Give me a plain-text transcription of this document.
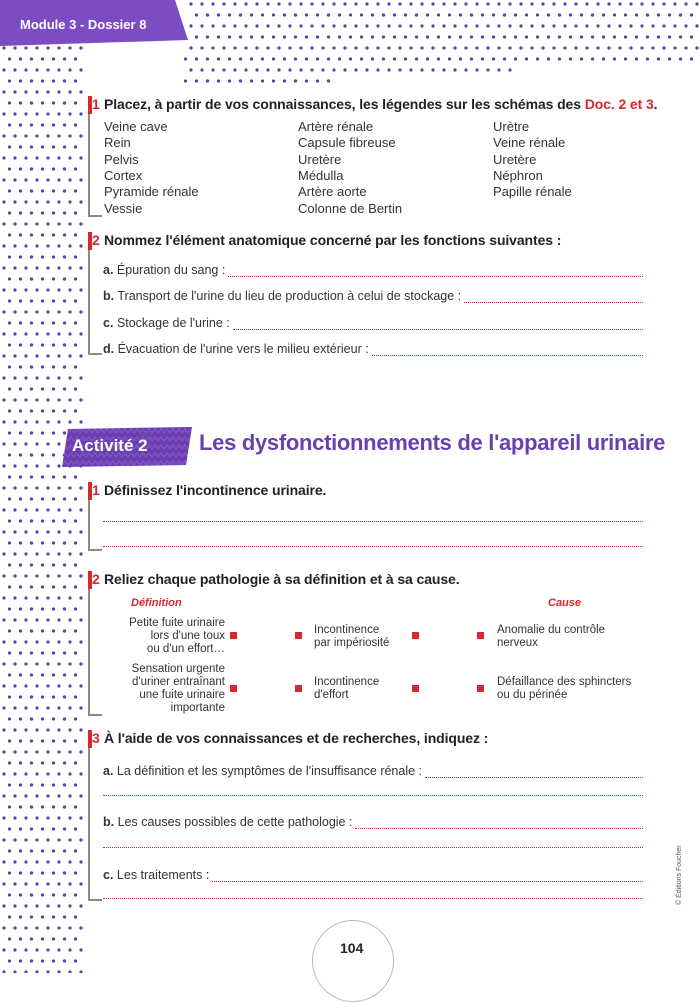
Module 3 - Dossier 8
1 Placez, à partir de vos connaissances, les légendes sur les schémas des Doc. 2 et 3.
Veine cave
Rein
Pelvis
Cortex
Pyramide rénale
Vessie
Artère rénale
Capsule fibreuse
Uretère
Médulla
Artère aorte
Colonne de Bertin
Urètre
Veine rénale
Uretère
Néphron
Papille rénale
2 Nommez l'élément anatomique concerné par les fonctions suivantes :
a. Épuration du sang :
b. Transport de l'urine du lieu de production à celui de stockage :
c. Stockage de l'urine :
d. Évacuation de l'urine vers le milieu extérieur :
Activité 2 Les dysfonctionnements de l'appareil urinaire
1 Définissez l'incontinence urinaire.
2 Reliez chaque pathologie à sa définition et à sa cause.
Définition	Cause
Petite fuite urinaire
lors d'une toux
ou d'un effort…
Sensation urgente
d'uriner entraînant
une fuite urinaire
importante
Incontinence
par impériosité
Incontinence
d'effort
Anomalie du contrôle
nerveux
Défaillance des sphincters
ou du périnée
3 À l'aide de vos connaissances et de recherches, indiquez :
a. La définition et les symptômes de l'insuffisance rénale :
b. Les causes possibles de cette pathologie :
c. Les traitements :
104
© Éditions Foucher
